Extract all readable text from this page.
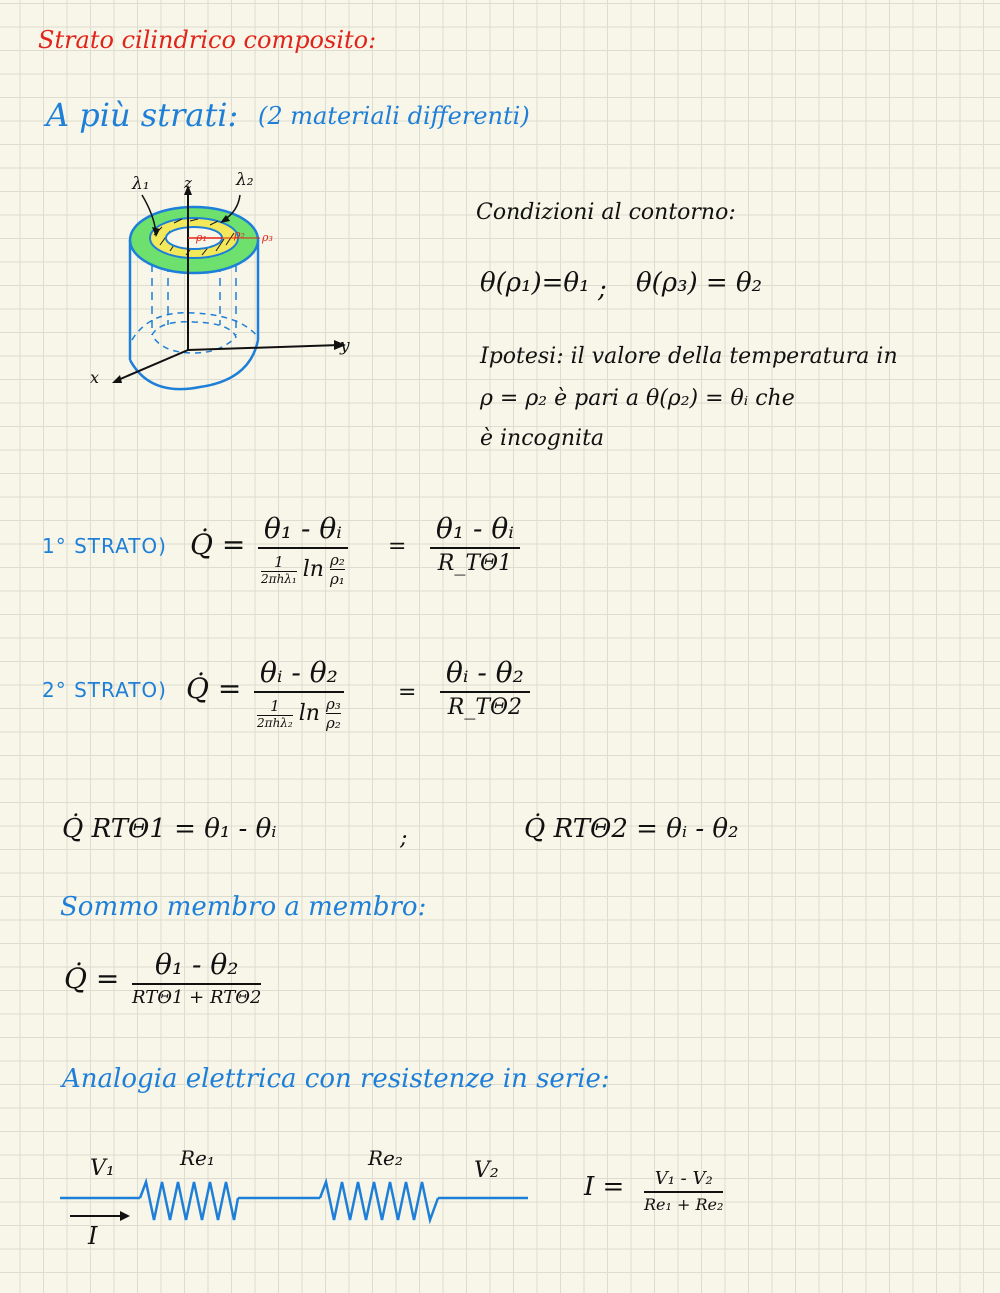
Strato cilindrico composito:
A più strati: (2 materiali differenti)
λ₁	λ₂
z
y
x
ρ₁ ρ₂ ρ₃
Condizioni al contorno:
θ(ρ₁)=θ₁ ; θ(ρ₃) = θ₂
Ipotesi: il valore della temperatura in
ρ = ρ₂ è pari a θ(ρ₂) = θᵢ che
è incognita
1° STRATO) Q̇ = θ₁ - θᵢ
$\frac{1}{\text{2πhλ₁}}$ $\ln \frac{\text{ρ₂}}{\text{ρ₁}}$
=
θ₁ - θᵢ
R_TΘ1
2° STRATO) Q̇ = θᵢ - θ₂
$\frac{1}{\text{2πhλ₂}}$ $\ln \frac{\text{ρ₃}}{\text{ρ₂}}$
=
θᵢ - θ₂
R_TΘ2
Q̇ RTΘ1 = θ₁ - θᵢ	;	Q̇ RTΘ2 = θᵢ - θ₂
Sommo membro a membro:
Q̇ = θ₁ - θ₂
RTΘ1 + RTΘ2
Analogia elettrica con resistenze in serie:
V₁	Re₁	Re₂	V₂
I
I =	V₁ - V₂
Re₁ + Re₂
